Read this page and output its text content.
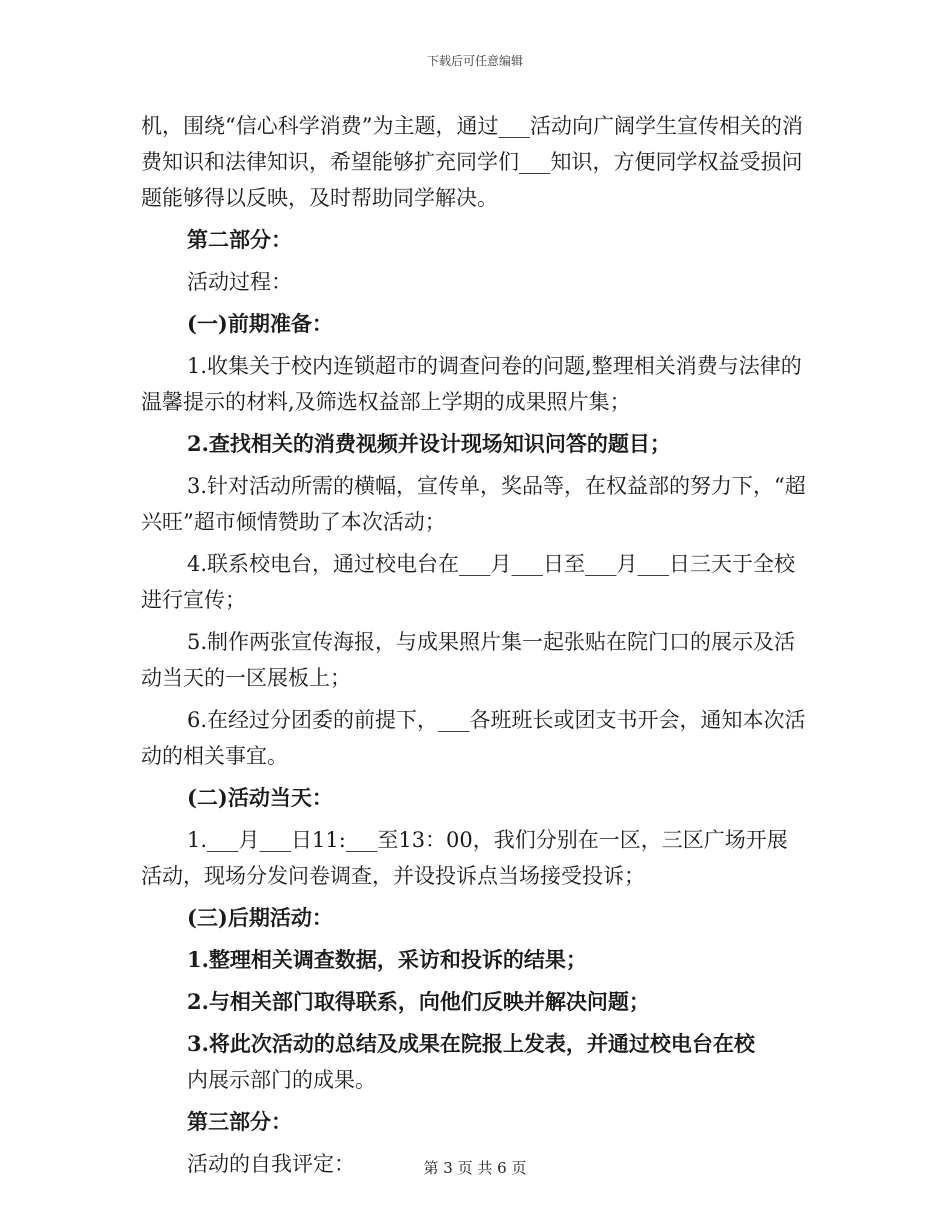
下载后可任意编辑

机，围绕“信心科学消费”为主题，通过___活动向广阔学生宣传相关的消费知识和法律知识，希望能够扩充同学们___知识，方便同学权益受损问题能够得以反映，及时帮助同学解决。

第二部分：

活动过程：

(一)前期准备：

1.收集关于校内连锁超市的调查问卷的问题,整理相关消费与法律的温馨提示的材料,及筛选权益部上学期的成果照片集；

2.查找相关的消费视频并设计现场知识问答的题目；

3.针对活动所需的横幅，宣传单，奖品等，在权益部的努力下，“超兴旺”超市倾情赞助了本次活动；

4.联系校电台，通过校电台在___月___日至___月___日三天于全校进行宣传；

5.制作两张宣传海报，与成果照片集一起张贴在院门口的展示及活动当天的一区展板上；

6.在经过分团委的前提下，___各班班长或团支书开会，通知本次活动的相关事宜。

(二)活动当天：

1.___月___日11:___至13：00，我们分别在一区，三区广场开展活动，现场分发问卷调查，并设投诉点当场接受投诉；

(三)后期活动：

1.整理相关调查数据，采访和投诉的结果；

2.与相关部门取得联系，向他们反映并解决问题；

3.将此次活动的总结及成果在院报上发表，并通过校电台在校

内展示部门的成果。

第三部分：

活动的自我评定：	第 3 页 共 6 页
